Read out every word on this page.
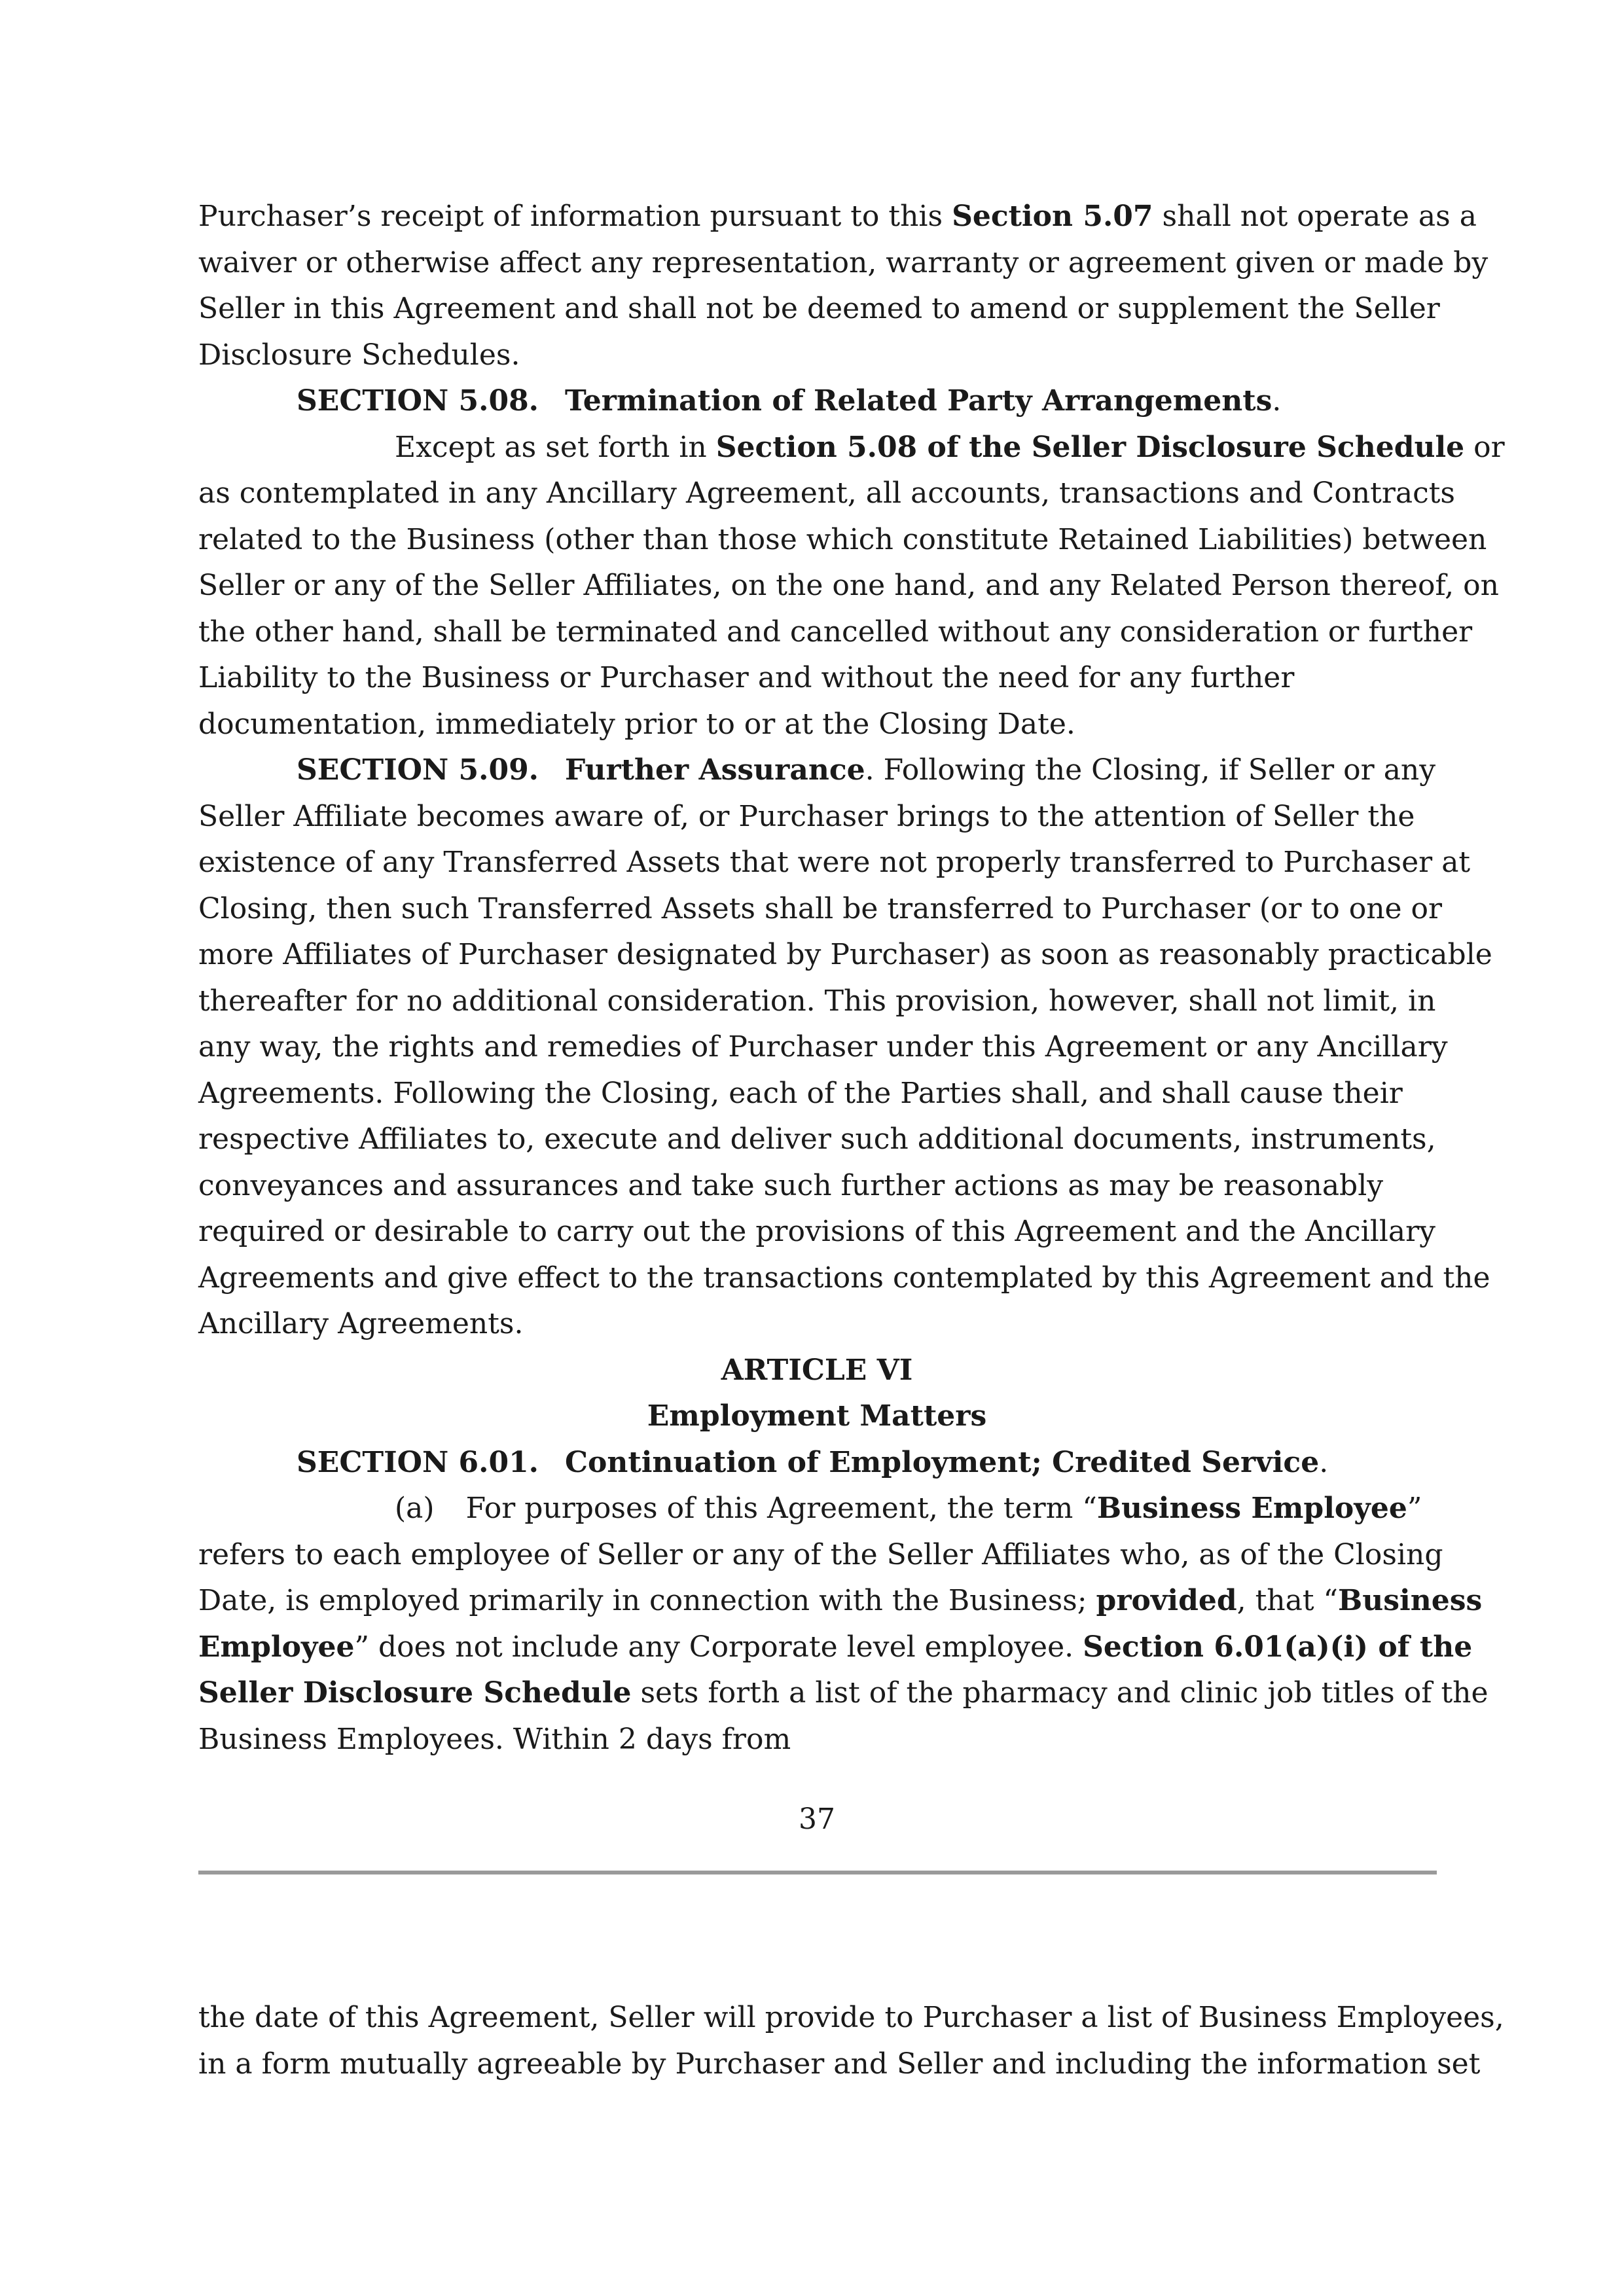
Purchaser’s receipt of information pursuant to this Section 5.07 shall not operate as a
waiver or otherwise affect any representation, warranty or agreement given or made by
Seller in this Agreement and shall not be deemed to amend or supplement the Seller
Disclosure Schedules.
SECTION 5.08. Termination of Related Party Arrangements.
Except as set forth in Section 5.08 of the Seller Disclosure Schedule or
as contemplated in any Ancillary Agreement, all accounts, transactions and Contracts
related to the Business (other than those which constitute Retained Liabilities) between
Seller or any of the Seller Affiliates, on the one hand, and any Related Person thereof, on
the other hand, shall be terminated and cancelled without any consideration or further
Liability to the Business or Purchaser and without the need for any further
documentation, immediately prior to or at the Closing Date.
SECTION 5.09. Further Assurance. Following the Closing, if Seller or any
Seller Affiliate becomes aware of, or Purchaser brings to the attention of Seller the
existence of any Transferred Assets that were not properly transferred to Purchaser at
Closing, then such Transferred Assets shall be transferred to Purchaser (or to one or
more Affiliates of Purchaser designated by Purchaser) as soon as reasonably practicable
thereafter for no additional consideration. This provision, however, shall not limit, in
any way, the rights and remedies of Purchaser under this Agreement or any Ancillary
Agreements. Following the Closing, each of the Parties shall, and shall cause their
respective Affiliates to, execute and deliver such additional documents, instruments,
conveyances and assurances and take such further actions as may be reasonably
required or desirable to carry out the provisions of this Agreement and the Ancillary
Agreements and give effect to the transactions contemplated by this Agreement and the
Ancillary Agreements.
ARTICLE VI
Employment Matters
SECTION 6.01. Continuation of Employment; Credited Service.
(a) For purposes of this Agreement, the term “Business Employee”
refers to each employee of Seller or any of the Seller Affiliates who, as of the Closing
Date, is employed primarily in connection with the Business; provided, that “Business
Employee” does not include any Corporate level employee. Section 6.01(a)(i) of the
Seller Disclosure Schedule sets forth a list of the pharmacy and clinic job titles of the
Business Employees. Within 2 days from
37
the date of this Agreement, Seller will provide to Purchaser a list of Business Employees,
in a form mutually agreeable by Purchaser and Seller and including the information set
